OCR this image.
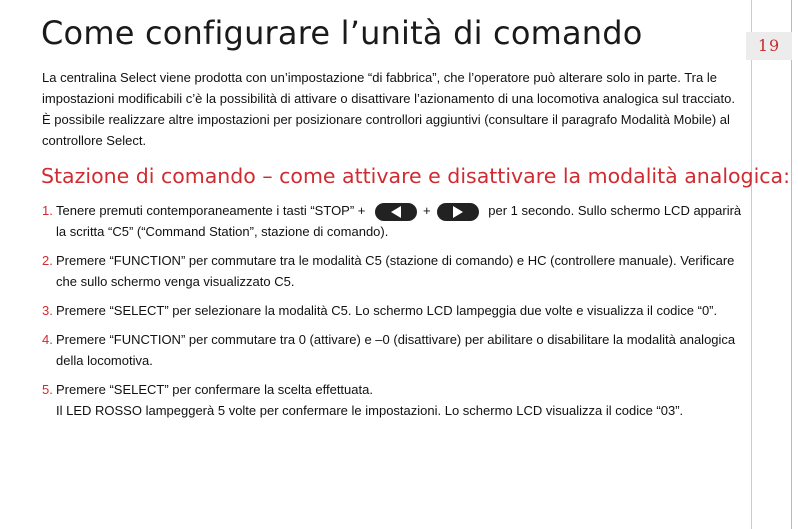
19
Come configurare l’unità di comando

La centralina Select viene prodotta con un’impostazione “di fabbrica”, che l’operatore può alterare solo in parte. Tra le impostazioni modificabili c’è la possibilità di attivare o disattivare l’azionamento di una locomotiva analogica sul tracciato. È possibile realizzare altre impostazioni per posizionare controllori aggiuntivi (consultare il paragrafo Modalità Mobile) al controllore Select.

Stazione di comando – come attivare e disattivare la modalità analogica:
1. Tenere premuti contemporaneamente i tasti “STOP” +	+	per 1 secondo. Sullo schermo LCD apparirà la scritta “C5” (“Command Station”, stazione di comando).
2. Premere “FUNCTION” per commutare tra le modalità C5 (stazione di comando) e HC (controllere manuale). Verificare che sullo schermo venga visualizzato C5.
3. Premere “SELECT” per selezionare la modalità C5. Lo schermo LCD lampeggia due volte e visualizza il codice “0”.
4. Premere “FUNCTION” per commutare tra 0 (attivare) e –0 (disattivare) per abilitare o disabilitare la modalità analogica della locomotiva.
5. Premere “SELECT” per confermare la scelta effettuata.
Il LED ROSSO lampeggerà 5 volte per confermare le impostazioni. Lo schermo LCD visualizza il codice “03”.
